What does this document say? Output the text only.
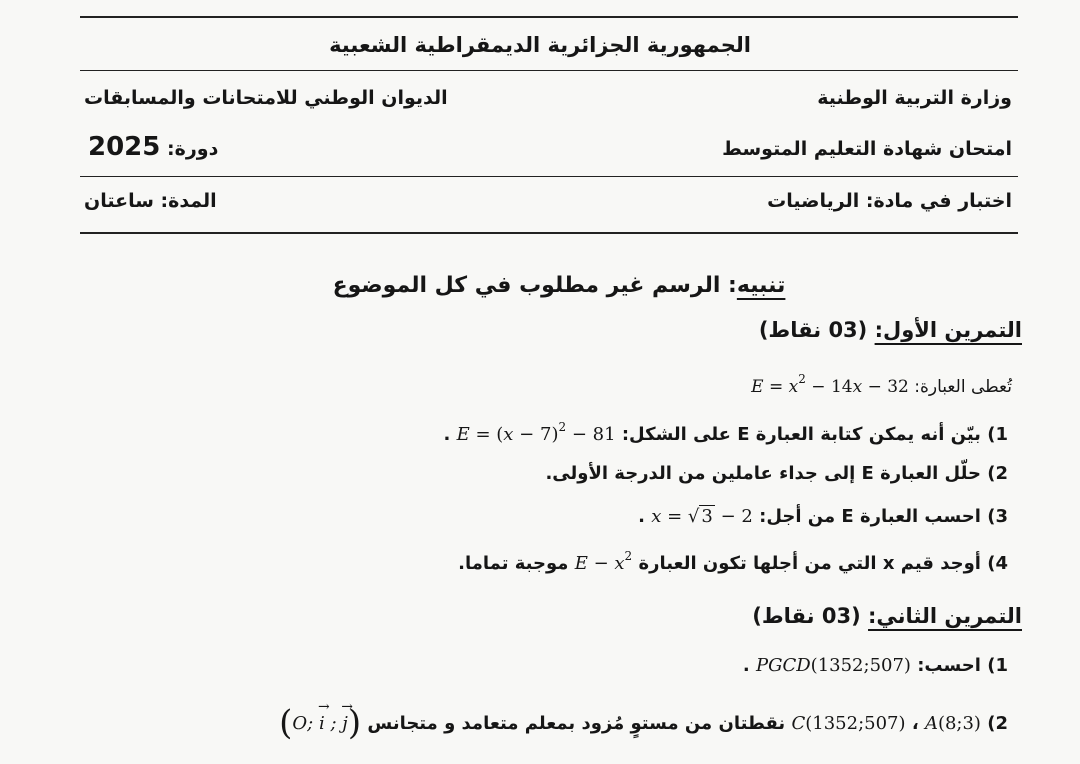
الجمهورية الجزائرية الديمقراطية الشعبية
وزارة التربية الوطنية
الديوان الوطني للامتحانات والمسابقات
امتحان شهادة التعليم المتوسط
دورة: 2025
اختبار في مادة: الرياضيات
المدة: ساعتان
تنبيه: الرسم غير مطلوب في كل الموضوع
التمرين الأول: (03 نقاط)
تُعطى العبارة: $E = x^2 - 14x - 32$
1) بيّن أنه يمكن كتابة العبارة E على الشكل: $E = (x - 7)^2 - 81$ .
2) حلّل العبارة E إلى جداء عاملين من الدرجة الأولى.
3) احسب العبارة E من أجل: x = √ 3 − 2 .
4) أوجد قيم x التي من أجلها تكون العبارة $E - x^2$ موجبة تماما.
التمرين الثاني: (03 نقاط)
1) احسب: PGCD(1352;507) .
2) A(8;3) ، C(1352;507) نقطتان من مستوٍ مُزود بمعلم متعامد و متجانس (O; → i ; → j)
